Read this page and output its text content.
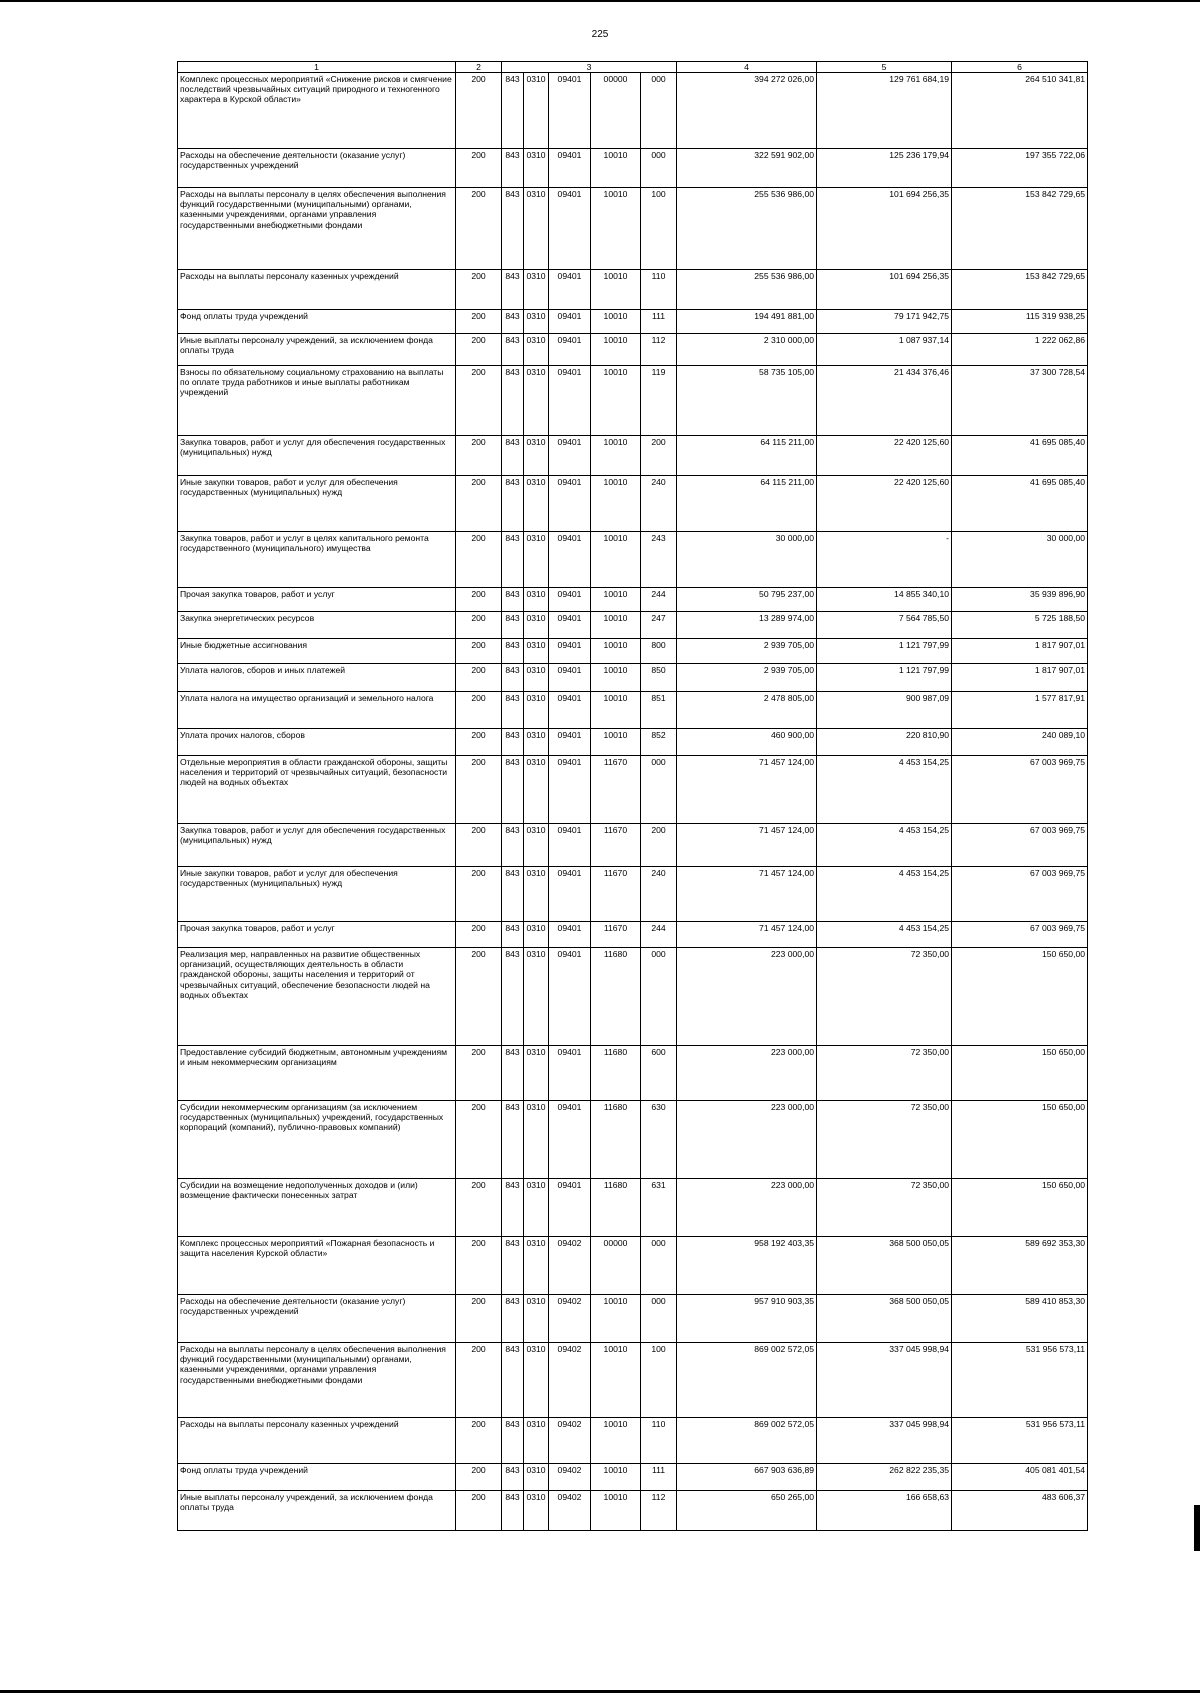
225
1	2	3					4	5	6
Комплекс процессных мероприятий «Снижение рисков и смягчение последствий чрезвычайных ситуаций природного и техногенного характера в Курской области»	200	843	0310	09401	00000	000	394 272 026,00	129 761 684,19	264 510 341,81
Расходы на обеспечение деятельности (оказание услуг) государственных учреждений	200	843	0310	09401	10010	000	322 591 902,00	125 236 179,94	197 355 722,06
Расходы на выплаты персоналу в целях обеспечения выполнения функций государственными (муниципальными) органами, казенными учреждениями, органами управления государственными внебюджетными фондами	200	843	0310	09401	10010	100	255 536 986,00	101 694 256,35	153 842 729,65
Расходы на выплаты персоналу казенных учреждений	200	843	0310	09401	10010	110	255 536 986,00	101 694 256,35	153 842 729,65
Фонд оплаты труда учреждений	200	843	0310	09401	10010	111	194 491 881,00	79 171 942,75	115 319 938,25
Иные выплаты персоналу учреждений, за исключением фонда оплаты труда	200	843	0310	09401	10010	112	2 310 000,00	1 087 937,14	1 222 062,86
Взносы по обязательному социальному страхованию на выплаты по оплате труда работников и иные выплаты работникам учреждений	200	843	0310	09401	10010	119	58 735 105,00	21 434 376,46	37 300 728,54
Закупка товаров, работ и услуг для обеспечения государственных (муниципальных) нужд	200	843	0310	09401	10010	200	64 115 211,00	22 420 125,60	41 695 085,40
Иные закупки товаров, работ и услуг для обеспечения государственных (муниципальных) нужд	200	843	0310	09401	10010	240	64 115 211,00	22 420 125,60	41 695 085,40
Закупка товаров, работ и услуг в целях капитального ремонта государственного (муниципального) имущества	200	843	0310	09401	10010	243	30 000,00	-	30 000,00
Прочая закупка товаров, работ и услуг	200	843	0310	09401	10010	244	50 795 237,00	14 855 340,10	35 939 896,90
Закупка энергетических ресурсов	200	843	0310	09401	10010	247	13 289 974,00	7 564 785,50	5 725 188,50
Иные бюджетные ассигнования	200	843	0310	09401	10010	800	2 939 705,00	1 121 797,99	1 817 907,01
Уплата налогов, сборов и иных платежей	200	843	0310	09401	10010	850	2 939 705,00	1 121 797,99	1 817 907,01
Уплата налога на имущество организаций и земельного налога	200	843	0310	09401	10010	851	2 478 805,00	900 987,09	1 577 817,91
Уплата прочих налогов, сборов	200	843	0310	09401	10010	852	460 900,00	220 810,90	240 089,10
Отдельные мероприятия в области гражданской обороны, защиты населения и территорий от чрезвычайных ситуаций, безопасности людей на водных объектах	200	843	0310	09401	11670	000	71 457 124,00	4 453 154,25	67 003 969,75
Закупка товаров, работ и услуг для обеспечения государственных (муниципальных) нужд	200	843	0310	09401	11670	200	71 457 124,00	4 453 154,25	67 003 969,75
Иные закупки товаров, работ и услуг для обеспечения государственных (муниципальных) нужд	200	843	0310	09401	11670	240	71 457 124,00	4 453 154,25	67 003 969,75
Прочая закупка товаров, работ и услуг	200	843	0310	09401	11670	244	71 457 124,00	4 453 154,25	67 003 969,75
Реализация мер, направленных на развитие общественных организаций, осуществляющих деятельность в области гражданской обороны, защиты населения и территорий от чрезвычайных ситуаций, обеспечение безопасности людей на водных объектах	200	843	0310	09401	11680	000	223 000,00	72 350,00	150 650,00
Предоставление субсидий бюджетным, автономным учреждениям и иным некоммерческим организациям	200	843	0310	09401	11680	600	223 000,00	72 350,00	150 650,00
Субсидии некоммерческим организациям (за исключением государственных (муниципальных) учреждений, государственных корпораций (компаний), публично-правовых компаний)	200	843	0310	09401	11680	630	223 000,00	72 350,00	150 650,00
Субсидии на возмещение недополученных доходов и (или) возмещение фактически понесенных затрат	200	843	0310	09401	11680	631	223 000,00	72 350,00	150 650,00
Комплекс процессных мероприятий «Пожарная безопасность и защита населения Курской области»	200	843	0310	09402	00000	000	958 192 403,35	368 500 050,05	589 692 353,30
Расходы на обеспечение деятельности (оказание услуг) государственных учреждений	200	843	0310	09402	10010	000	957 910 903,35	368 500 050,05	589 410 853,30
Расходы на выплаты персоналу в целях обеспечения выполнения функций государственными (муниципальными) органами, казенными учреждениями, органами управления государственными внебюджетными фондами	200	843	0310	09402	10010	100	869 002 572,05	337 045 998,94	531 956 573,11
Расходы на выплаты персоналу казенных учреждений	200	843	0310	09402	10010	110	869 002 572,05	337 045 998,94	531 956 573,11
Фонд оплаты труда учреждений	200	843	0310	09402	10010	111	667 903 636,89	262 822 235,35	405 081 401,54
Иные выплаты персоналу учреждений, за исключением фонда оплаты труда	200	843	0310	09402	10010	112	650 265,00	166 658,63	483 606,37
